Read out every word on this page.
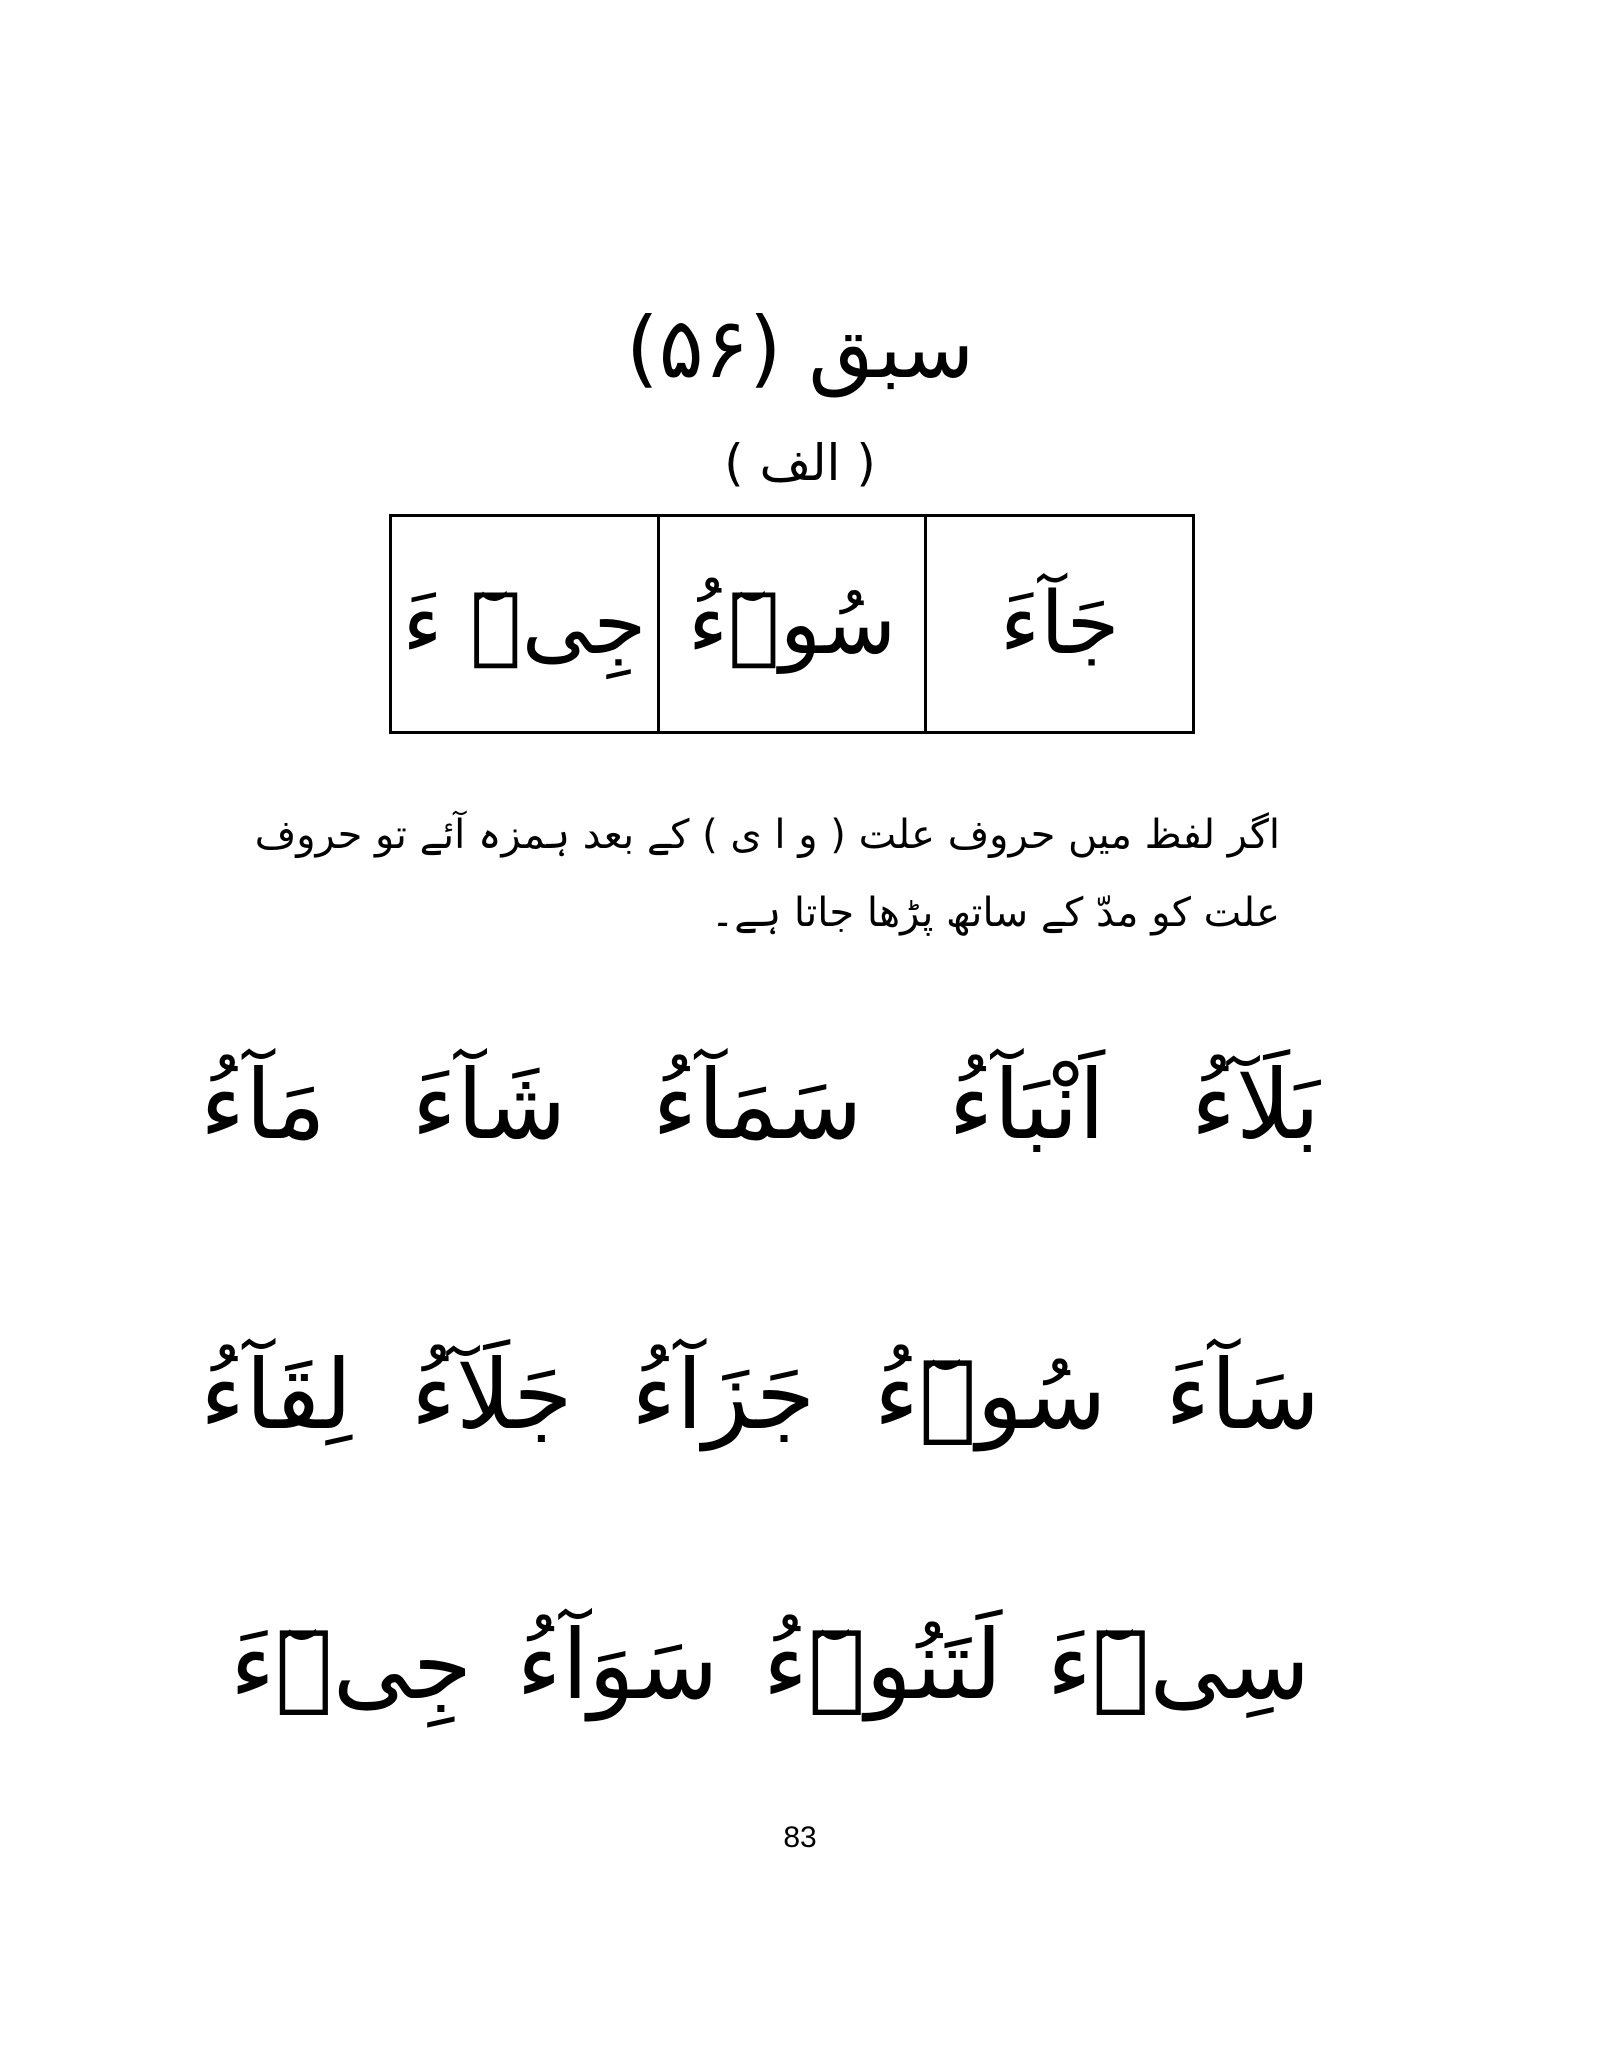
سبق (۵۶)
( الف )
جَآءَ
سُوۡٓءُ
جِیۡٓ ءَ
اگر لفظ میں حروف علت ( و ا ی ) کے بعد ہمزہ آئے تو حروف علت کو مدّ کے ساتھ پڑھا جاتا ہے۔
مَآءُ شَآءَ سَمَآءُ اَنْبَآءُ بَلَآءُ
لِقَآءُ جَلَآءُ جَزَآءُ سُوۡٓءُ سَآءَ
جِیۡٓءَ سَوَآءُ لَتَنُوۡٓءُ سِیۡٓءَ
83
